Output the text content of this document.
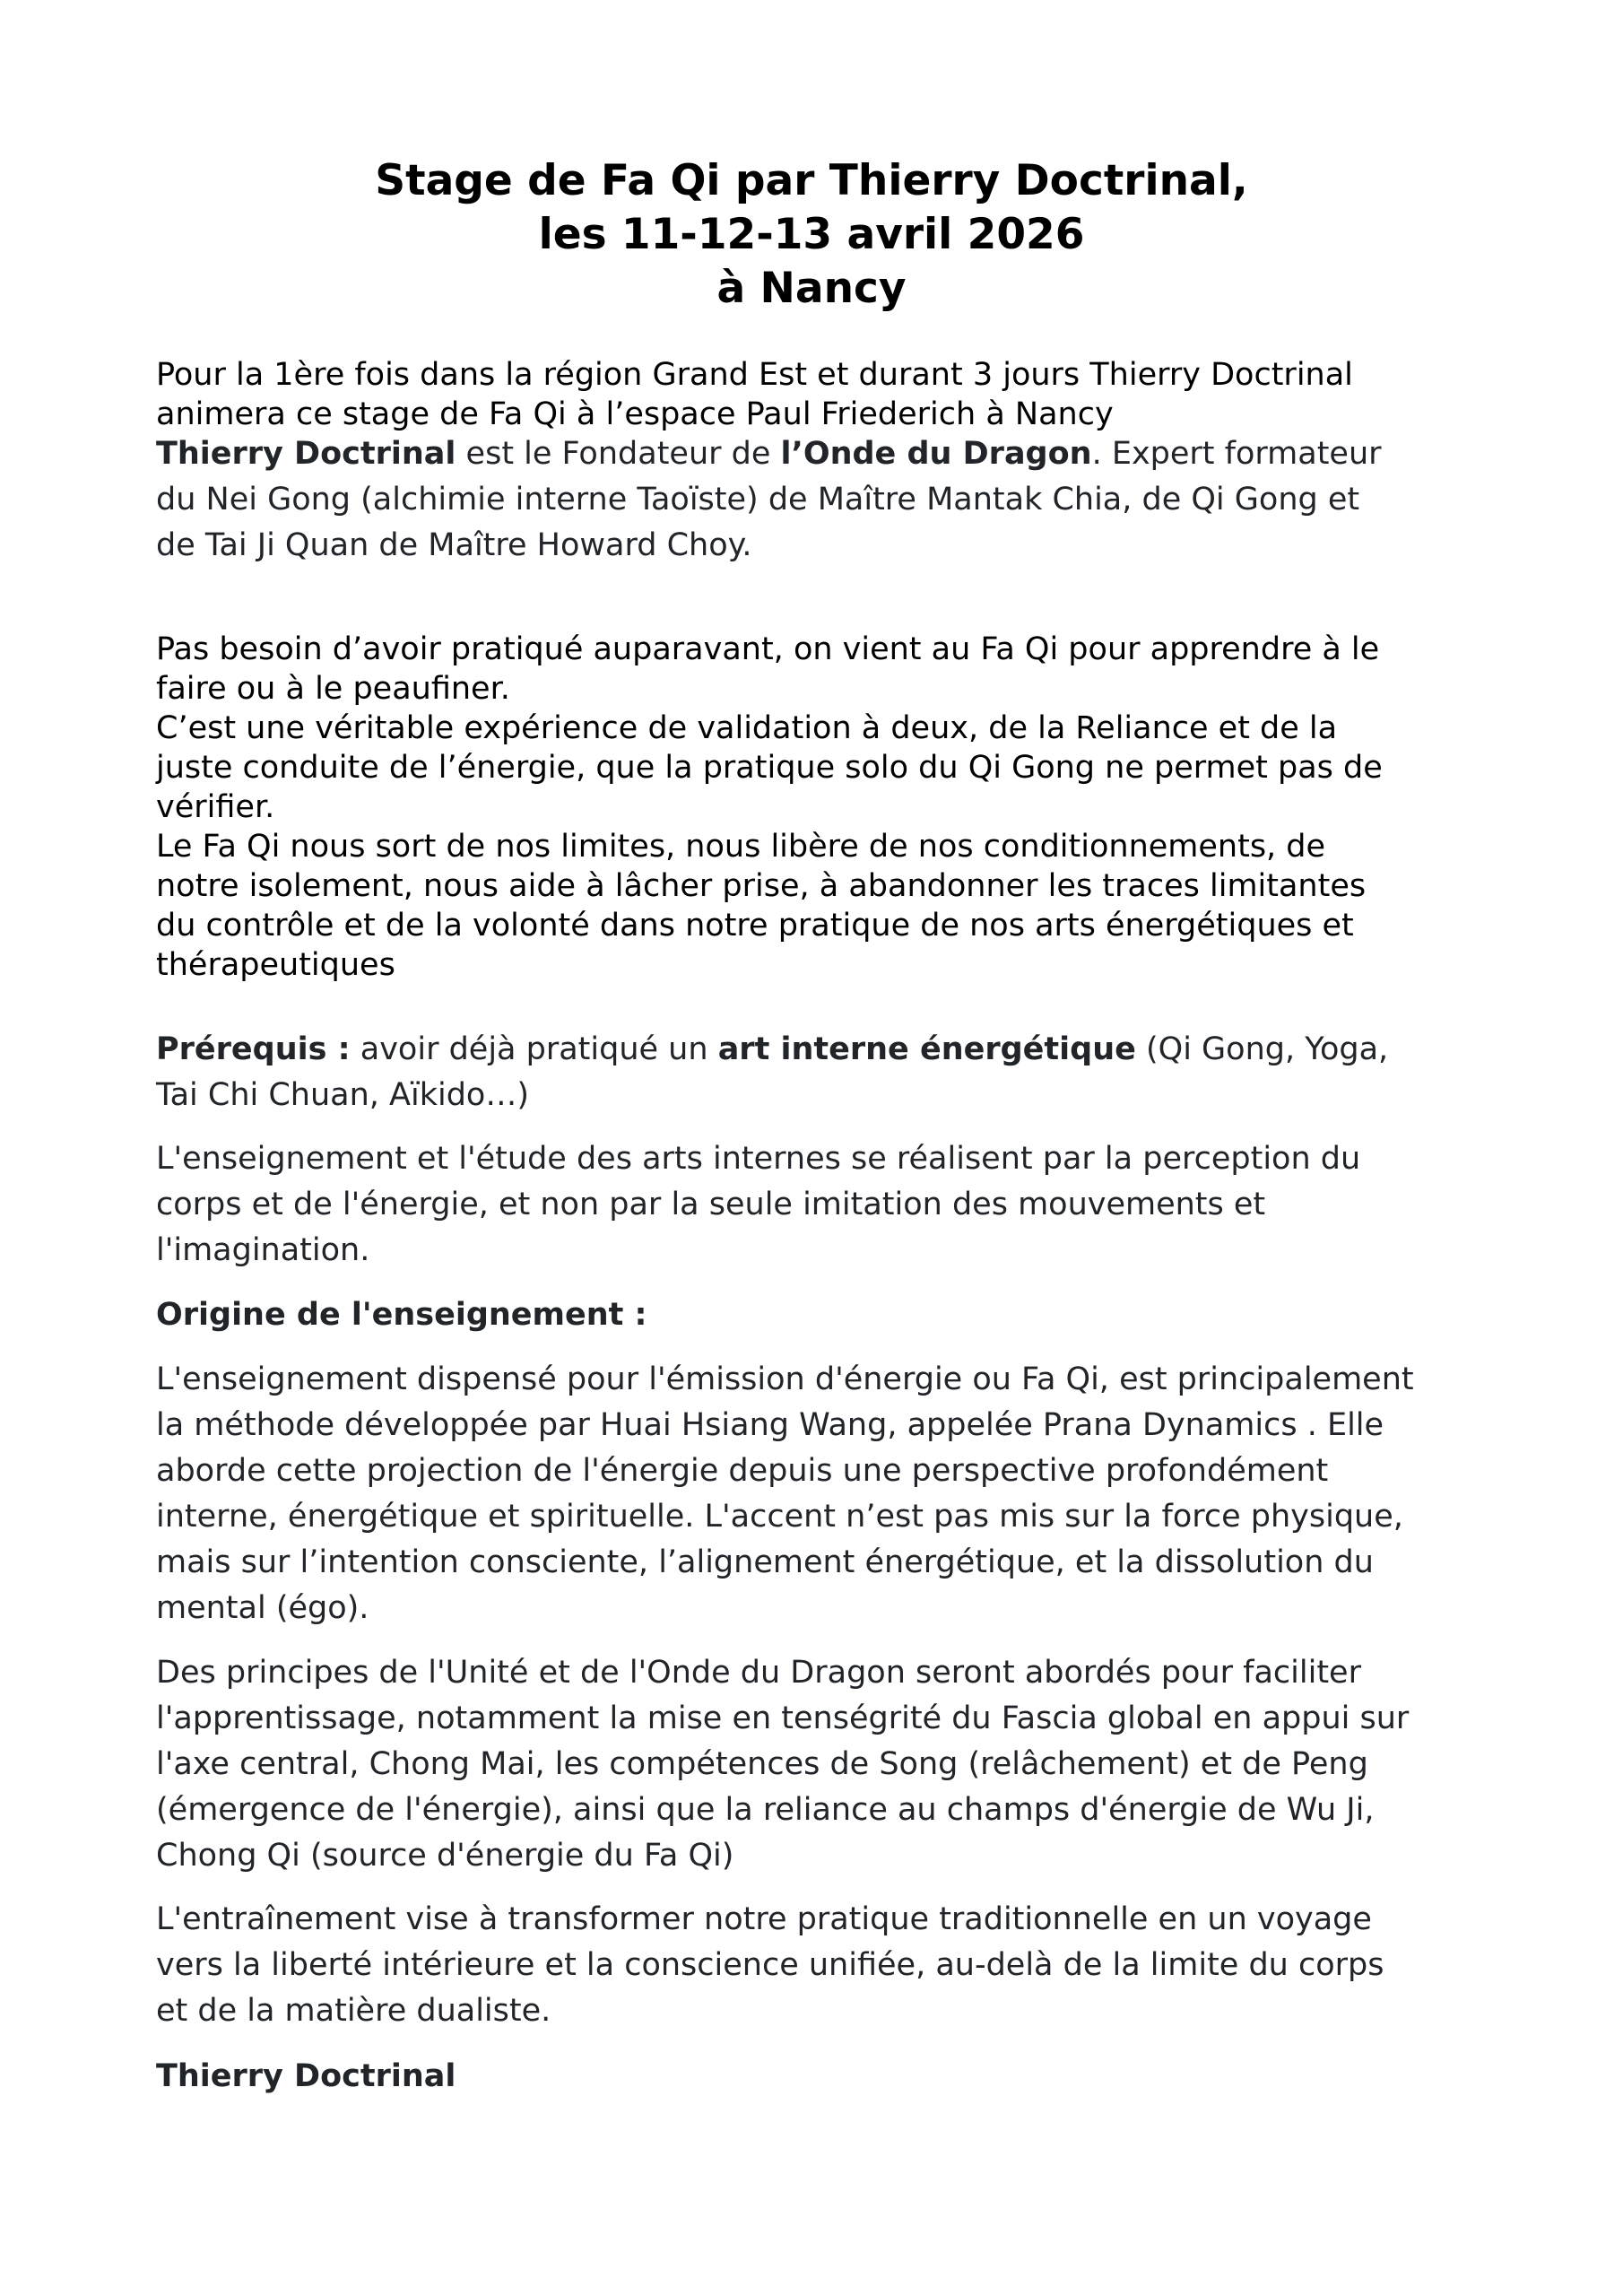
Stage de Fa Qi par Thierry Doctrinal,
les 11-12-13 avril 2026
à Nancy
Pour la 1ère fois dans la région Grand Est et durant 3 jours Thierry Doctrinal
animera ce stage de Fa Qi à l’espace Paul Friederich à Nancy
Thierry Doctrinal est le Fondateur de l’Onde du Dragon. Expert formateur
du Nei Gong (alchimie interne Taoïste) de Maître Mantak Chia, de Qi Gong et
de Tai Ji Quan de Maître Howard Choy.
Pas besoin d’avoir pratiqué auparavant, on vient au Fa Qi pour apprendre à le
faire ou à le peaufiner.
C’est une véritable expérience de validation à deux, de la Reliance et de la
juste conduite de l’énergie, que la pratique solo du Qi Gong ne permet pas de
vérifier.
Le Fa Qi nous sort de nos limites, nous libère de nos conditionnements, de
notre isolement, nous aide à lâcher prise, à abandonner les traces limitantes
du contrôle et de la volonté dans notre pratique de nos arts énergétiques et
thérapeutiques
Prérequis : avoir déjà pratiqué un art interne énergétique (Qi Gong, Yoga,
Tai Chi Chuan, Aïkido…)
L'enseignement et l'étude des arts internes se réalisent par la perception du
corps et de l'énergie, et non par la seule imitation des mouvements et
l'imagination.
Origine de l'enseignement :
L'enseignement dispensé pour l'émission d'énergie ou Fa Qi, est principalement
la méthode développée par Huai Hsiang Wang, appelée Prana Dynamics . Elle
aborde cette projection de l'énergie depuis une perspective profondément
interne, énergétique et spirituelle. L'accent n’est pas mis sur la force physique,
mais sur l’intention consciente, l’alignement énergétique, et la dissolution du
mental (égo).
Des principes de l'Unité et de l'Onde du Dragon seront abordés pour faciliter
l'apprentissage, notamment la mise en tenségrité du Fascia global en appui sur
l'axe central, Chong Mai, les compétences de Song (relâchement) et de Peng
(émergence de l'énergie), ainsi que la reliance au champs d'énergie de Wu Ji,
Chong Qi (source d'énergie du Fa Qi)
L'entraînement vise à transformer notre pratique traditionnelle en un voyage
vers la liberté intérieure et la conscience unifiée, au-delà de la limite du corps
et de la matière dualiste.
Thierry Doctrinal
